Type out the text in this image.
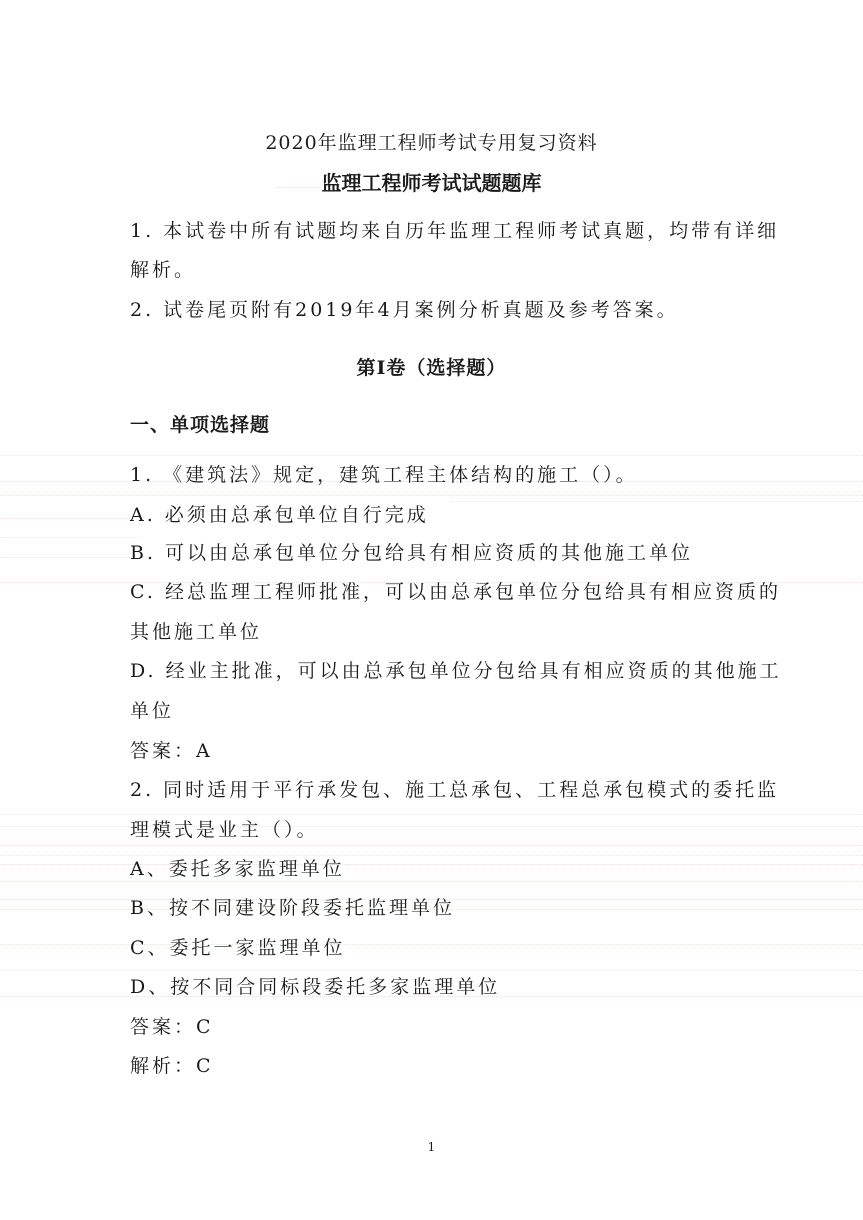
2020年监理工程师考试专用复习资料
监理工程师考试试题题库
1. 本试卷中所有试题均来自历年监理工程师考试真题，均带有详细
解析。
2. 试卷尾页附有2019年4月案例分析真题及参考答案。
第I卷（选择题）
一、单项选择题
1. 《建筑法》规定，建筑工程主体结构的施工（）。
A. 必须由总承包单位自行完成
B. 可以由总承包单位分包给具有相应资质的其他施工单位
C. 经总监理工程师批准，可以由总承包单位分包给具有相应资质的
其他施工单位
D. 经业主批准，可以由总承包单位分包给具有相应资质的其他施工
单位
答案：A
2. 同时适用于平行承发包、施工总承包、工程总承包模式的委托监
理模式是业主（）。
A、委托多家监理单位
B、按不同建设阶段委托监理单位
C、委托一家监理单位
D、按不同合同标段委托多家监理单位
答案：C
解析：C
1
